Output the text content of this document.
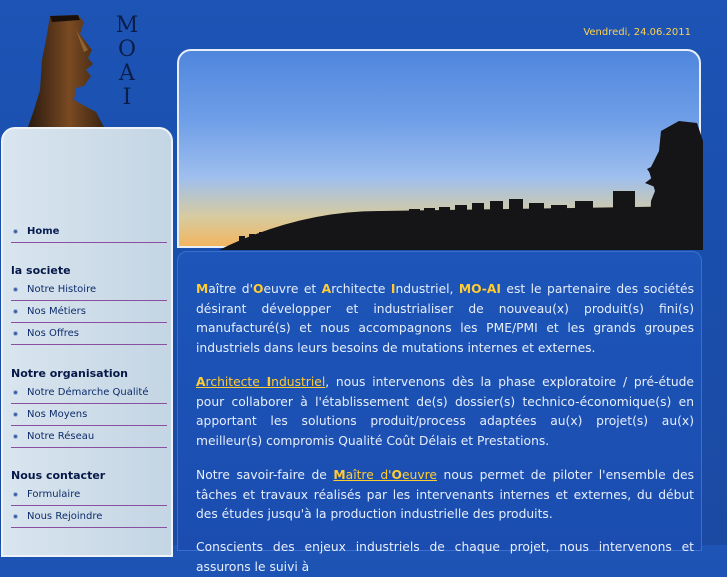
M
O
A
I
Vendredi, 24.06.2011
Home
la societe
Notre Histoire
Nos Métiers
Nos Offres
Notre organisation
Notre Démarche Qualité
Nos Moyens
Notre Réseau
Nous contacter
Formulaire
Nous Rejoindre

Maître d'Oeuvre et Architecte Industriel, MO-AI est le partenaire des sociétés désirant développer et industrialiser de nouveau(x) produit(s) fini(s) manufacturé(s) et nous accompagnons les PME/PMI et les grands groupes industriels dans leurs besoins de mutations internes et externes.

Architecte Industriel, nous intervenons dès la phase exploratoire / pré-étude pour collaborer à l'établissement de(s) dossier(s) technico-économique(s) en apportant les solutions produit/process adaptées au(x) projet(s) au(x) meilleur(s) compromis Qualité Coût Délais et Prestations.

Notre savoir-faire de Maître d'Oeuvre nous permet de piloter l'ensemble des tâches et travaux réalisés par les intervenants internes et externes, du début des études jusqu'à la production industrielle des produits.

Conscients des enjeux industriels de chaque projet, nous intervenons et assurons le suivi à
